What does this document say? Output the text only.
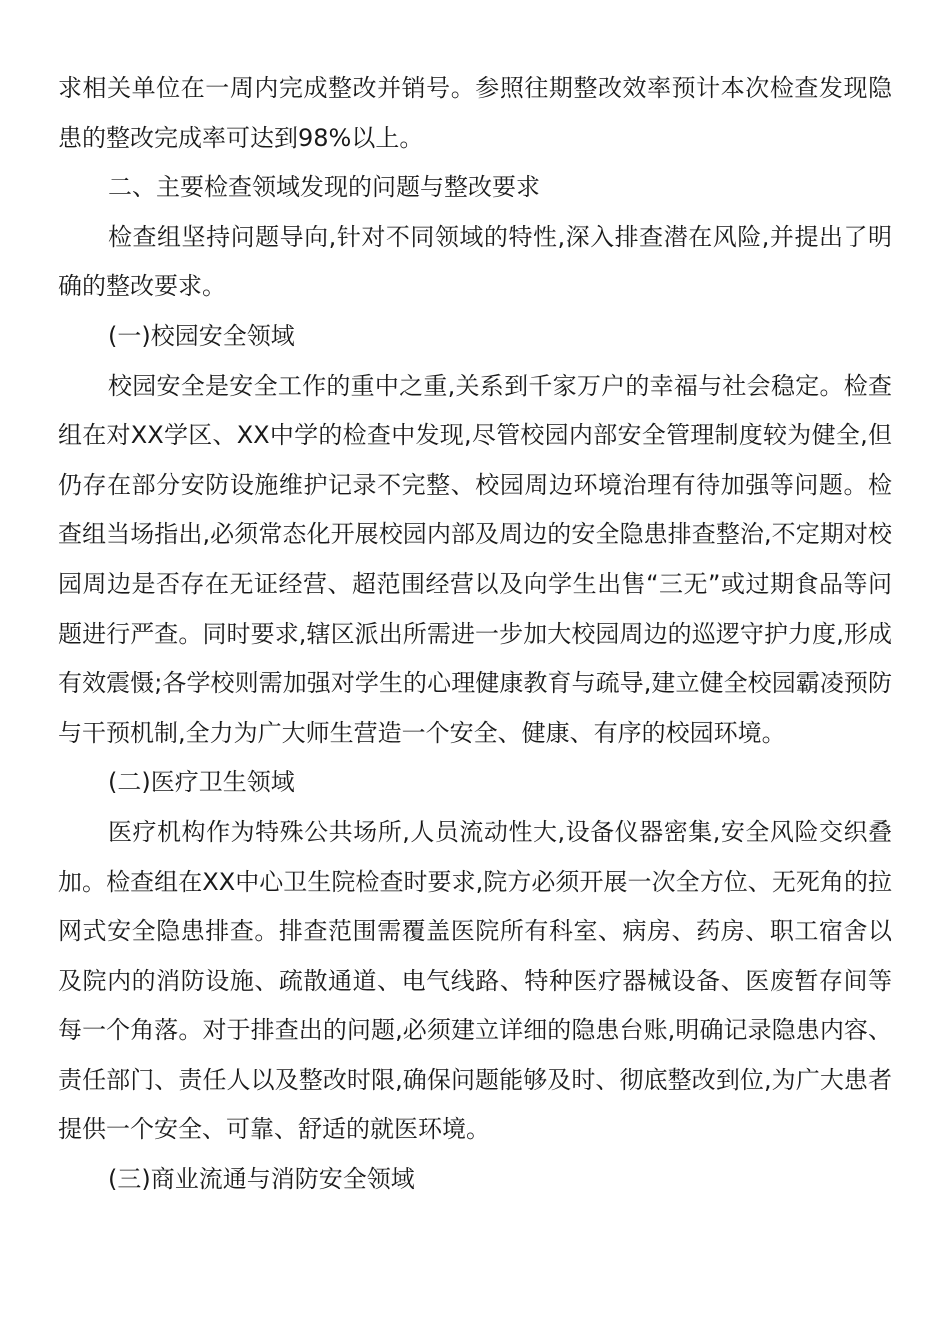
求相关单位在一周内完成整改并销号。参照往期整改效率预计本次检查发现隐患的整改完成率可达到98%以上。

二、主要检查领域发现的问题与整改要求

检查组坚持问题导向,针对不同领域的特性,深入排查潜在风险,并提出了明确的整改要求。

(一)校园安全领域

校园安全是安全工作的重中之重,关系到千家万户的幸福与社会稳定。检查组在对XX学区、XX中学的检查中发现,尽管校园内部安全管理制度较为健全,但仍存在部分安防设施维护记录不完整、校园周边环境治理有待加强等问题。检查组当场指出,必须常态化开展校园内部及周边的安全隐患排查整治,不定期对校园周边是否存在无证经营、超范围经营以及向学生出售“三无”或过期食品等问题进行严查。同时要求,辖区派出所需进一步加大校园周边的巡逻守护力度,形成有效震慑;各学校则需加强对学生的心理健康教育与疏导,建立健全校园霸凌预防与干预机制,全力为广大师生营造一个安全、健康、有序的校园环境。

(二)医疗卫生领域

医疗机构作为特殊公共场所,人员流动性大,设备仪器密集,安全风险交织叠加。检查组在XX中心卫生院检查时要求,院方必须开展一次全方位、无死角的拉网式安全隐患排查。排查范围需覆盖医院所有科室、病房、药房、职工宿舍以及院内的消防设施、疏散通道、电气线路、特种医疗器械设备、医废暂存间等每一个角落。对于排查出的问题,必须建立详细的隐患台账,明确记录隐患内容、责任部门、责任人以及整改时限,确保问题能够及时、彻底整改到位,为广大患者提供一个安全、可靠、舒适的就医环境。

(三)商业流通与消防安全领域
